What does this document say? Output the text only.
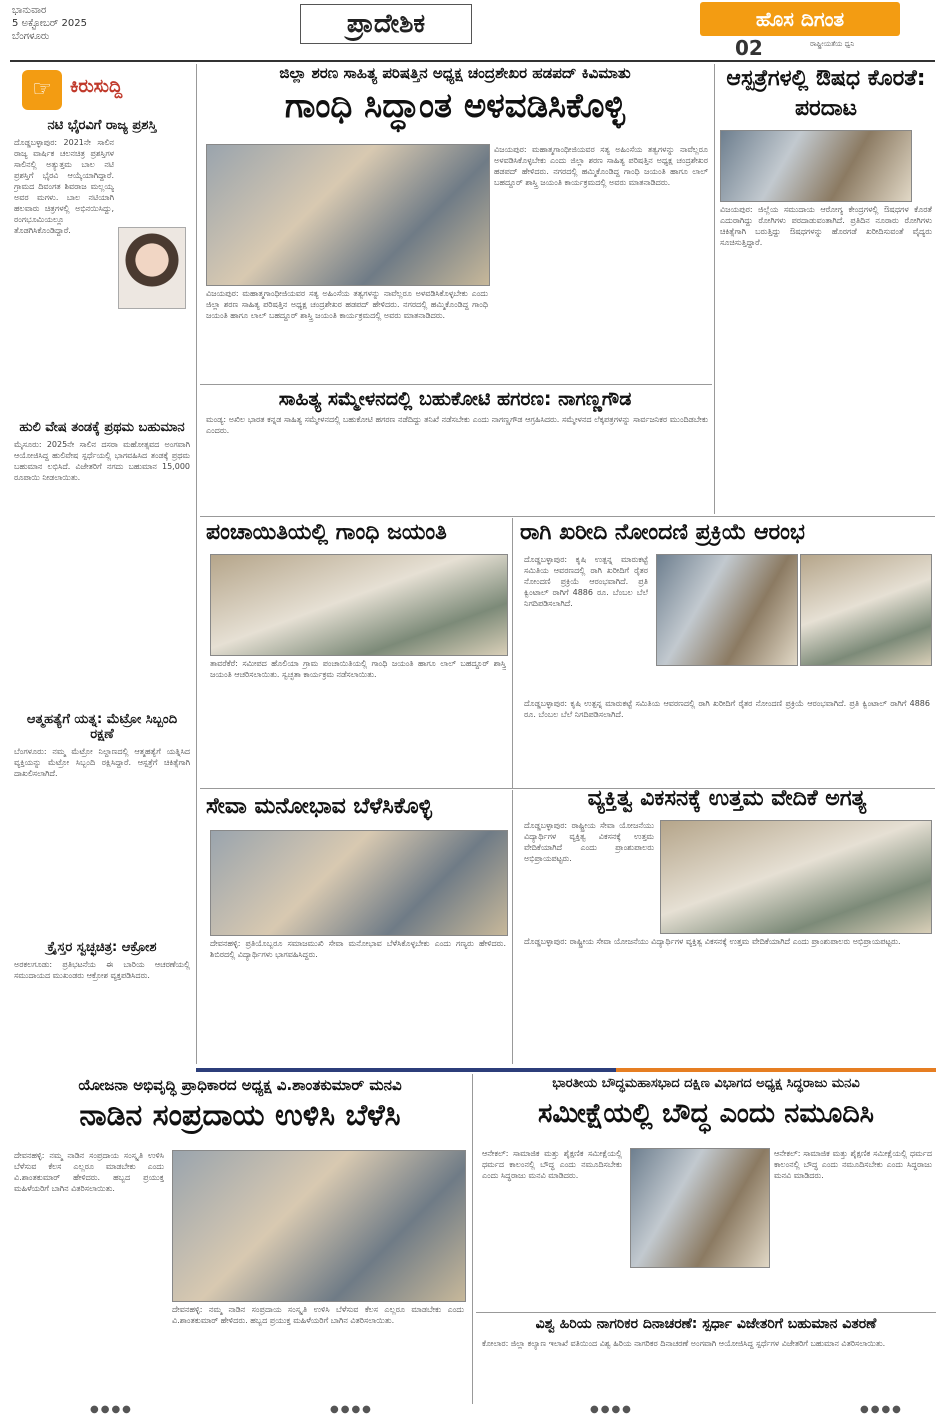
ಭಾನುವಾರ
5 ಅಕ್ಟೋಬರ್ 2025
ಬೆಂಗಳೂರು	ಪ್ರಾದೇಶಿಕ	ಹೊಸ ದಿಗಂತ
02	ರಾಷ್ಟ್ರೀಯತೆಯ ಧ್ವನಿ
☞	ಕಿರುಸುದ್ದಿ
ನಟಿ ಭೈರವಿಗೆ ರಾಜ್ಯ ಪ್ರಶಸ್ತಿ
ದೊಡ್ಡಬಳ್ಳಾಪುರ: 2021ನೇ ಸಾಲಿನ ರಾಜ್ಯ ವಾರ್ಷಿಕ ಚಲನಚಿತ್ರ ಪ್ರಶಸ್ತಿಗಳ ಸಾಲಿನಲ್ಲಿ ಅತ್ಯುತ್ತಮ ಬಾಲ ನಟಿ ಪ್ರಶಸ್ತಿಗೆ ಭೈರವಿ ಆಯ್ಕೆಯಾಗಿದ್ದಾರೆ. ಗ್ರಾಮದ ದಿವಂಗತ ಶಿವರಾಜ ಮಲ್ಲಯ್ಯ ಅವರ ಮಗಳು. ಬಾಲ ನಟಿಯಾಗಿ ಹಲವಾರು ಚಿತ್ರಗಳಲ್ಲಿ ಅಭಿನಯಿಸಿದ್ದು, ರಂಗಭೂಮಿಯಲ್ಲೂ ತೊಡಗಿಸಿಕೊಂಡಿದ್ದಾರೆ.
ಹುಲಿ ವೇಷ ತಂಡಕ್ಕೆ ಪ್ರಥಮ ಬಹುಮಾನ
ಮೈಸೂರು: 2025ನೇ ಸಾಲಿನ ದಸರಾ ಮಹೋತ್ಸವದ ಅಂಗವಾಗಿ ಆಯೋಜಿಸಿದ್ದ ಹುಲಿವೇಷ ಸ್ಪರ್ಧೆಯಲ್ಲಿ ಭಾಗವಹಿಸಿದ ತಂಡಕ್ಕೆ ಪ್ರಥಮ ಬಹುಮಾನ ಲಭಿಸಿದೆ. ವಿಜೇತರಿಗೆ ನಗದು ಬಹುಮಾನ 15,000 ರೂಪಾಯಿ ನೀಡಲಾಯಿತು.
ಆತ್ಮಹತ್ಯೆಗೆ ಯತ್ನ: ಮೆಟ್ರೋ ಸಿಬ್ಬಂದಿ ರಕ್ಷಣೆ
ಬೆಂಗಳೂರು: ನಮ್ಮ ಮೆಟ್ರೋ ನಿಲ್ದಾಣದಲ್ಲಿ ಆತ್ಮಹತ್ಯೆಗೆ ಯತ್ನಿಸಿದ ವ್ಯಕ್ತಿಯನ್ನು ಮೆಟ್ರೋ ಸಿಬ್ಬಂದಿ ರಕ್ಷಿಸಿದ್ದಾರೆ. ಆಸ್ಪತ್ರೆಗೆ ಚಿಕಿತ್ಸೆಗಾಗಿ ದಾಖಲಿಸಲಾಗಿದೆ.
ಕ್ರೈಸ್ತರ ಸ್ವಚ್ಛಚಿತ್ರ: ಆಕ್ರೋಶ
ಅರಕಲಗೂಡು: ಪ್ರತಿಭಟನೆಯ ಈ ಬಾರಿಯ ಆಚರಣೆಯಲ್ಲಿ ಸಮುದಾಯದ ಮುಖಂಡರು ಆಕ್ರೋಶ ವ್ಯಕ್ತಪಡಿಸಿದರು.
ಜಿಲ್ಲಾ ಶರಣ ಸಾಹಿತ್ಯ ಪರಿಷತ್ತಿನ ಅಧ್ಯಕ್ಷ ಚಂದ್ರಶೇಖರ ಹಡಪದ್ ಕಿವಿಮಾತು
ಗಾಂಧಿ ಸಿದ್ಧಾಂತ ಅಳವಡಿಸಿಕೊಳ್ಳಿ
ವಿಜಯಪುರ: ಮಹಾತ್ಮಗಾಂಧೀಜಿಯವರ ಸತ್ಯ ಅಹಿಂಸೆಯ ತತ್ವಗಳನ್ನು ನಾವೆಲ್ಲರೂ ಅಳವಡಿಸಿಕೊಳ್ಳಬೇಕು ಎಂದು ಜಿಲ್ಲಾ ಶರಣ ಸಾಹಿತ್ಯ ಪರಿಷತ್ತಿನ ಅಧ್ಯಕ್ಷ ಚಂದ್ರಶೇಖರ ಹಡಪದ್ ಹೇಳಿದರು. ನಗರದಲ್ಲಿ ಹಮ್ಮಿಕೊಂಡಿದ್ದ ಗಾಂಧಿ ಜಯಂತಿ ಹಾಗೂ ಲಾಲ್ ಬಹದ್ದೂರ್ ಶಾಸ್ತ್ರಿ ಜಯಂತಿ ಕಾರ್ಯಕ್ರಮದಲ್ಲಿ ಅವರು ಮಾತನಾಡಿದರು.
ವಿಜಯಪುರ: ಮಹಾತ್ಮಗಾಂಧೀಜಿಯವರ ಸತ್ಯ ಅಹಿಂಸೆಯ ತತ್ವಗಳನ್ನು ನಾವೆಲ್ಲರೂ ಅಳವಡಿಸಿಕೊಳ್ಳಬೇಕು ಎಂದು ಜಿಲ್ಲಾ ಶರಣ ಸಾಹಿತ್ಯ ಪರಿಷತ್ತಿನ ಅಧ್ಯಕ್ಷ ಚಂದ್ರಶೇಖರ ಹಡಪದ್ ಹೇಳಿದರು. ನಗರದಲ್ಲಿ ಹಮ್ಮಿಕೊಂಡಿದ್ದ ಗಾಂಧಿ ಜಯಂತಿ ಹಾಗೂ ಲಾಲ್ ಬಹದ್ದೂರ್ ಶಾಸ್ತ್ರಿ ಜಯಂತಿ ಕಾರ್ಯಕ್ರಮದಲ್ಲಿ ಅವರು ಮಾತನಾಡಿದರು.
ಆಸ್ಪತ್ರೆಗಳಲ್ಲಿ ಔಷಧ ಕೊರತೆ: ಪರದಾಟ
ವಿಜಯಪುರ: ಜಿಲ್ಲೆಯ ಸಮುದಾಯ ಆರೋಗ್ಯ ಕೇಂದ್ರಗಳಲ್ಲಿ ಔಷಧಗಳ ಕೊರತೆ ಎದುರಾಗಿದ್ದು ರೋಗಿಗಳು ಪರದಾಡುವಂತಾಗಿದೆ. ಪ್ರತಿದಿನ ನೂರಾರು ರೋಗಿಗಳು ಚಿಕಿತ್ಸೆಗಾಗಿ ಬರುತ್ತಿದ್ದು ಔಷಧಗಳನ್ನು ಹೊರಗಡೆ ಖರೀದಿಸುವಂತೆ ವೈದ್ಯರು ಸೂಚಿಸುತ್ತಿದ್ದಾರೆ.
ಸಾಹಿತ್ಯ ಸಮ್ಮೇಳನದಲ್ಲಿ ಬಹುಕೋಟಿ ಹಗರಣ: ನಾಗಣ್ಣಗೌಡ
ಮಂಡ್ಯ: ಅಖಿಲ ಭಾರತ ಕನ್ನಡ ಸಾಹಿತ್ಯ ಸಮ್ಮೇಳನದಲ್ಲಿ ಬಹುಕೋಟಿ ಹಗರಣ ನಡೆದಿದ್ದು ತನಿಖೆ ನಡೆಸಬೇಕು ಎಂದು ನಾಗಣ್ಣಗೌಡ ಆಗ್ರಹಿಸಿದರು. ಸಮ್ಮೇಳನದ ಲೆಕ್ಕಪತ್ರಗಳನ್ನು ಸಾರ್ವಜನಿಕರ ಮುಂದಿಡಬೇಕು ಎಂದರು.
ಪಂಚಾಯಿತಿಯಲ್ಲಿ ಗಾಂಧಿ ಜಯಂತಿ
ತಾವರೆಕೆರೆ: ಸಮೀಪದ ಹೊಲಿಯಾ ಗ್ರಾಮ ಪಂಚಾಯಿತಿಯಲ್ಲಿ ಗಾಂಧಿ ಜಯಂತಿ ಹಾಗೂ ಲಾಲ್ ಬಹದ್ದೂರ್ ಶಾಸ್ತ್ರಿ ಜಯಂತಿ ಆಚರಿಸಲಾಯಿತು. ಸ್ವಚ್ಛತಾ ಕಾರ್ಯಕ್ರಮ ನಡೆಸಲಾಯಿತು.
ರಾಗಿ ಖರೀದಿ ನೋಂದಣಿ ಪ್ರಕ್ರಿಯೆ ಆರಂಭ
ದೊಡ್ಡಬಳ್ಳಾಪುರ: ಕೃಷಿ ಉತ್ಪನ್ನ ಮಾರುಕಟ್ಟೆ ಸಮಿತಿಯ ಆವರಣದಲ್ಲಿ ರಾಗಿ ಖರೀದಿಗೆ ರೈತರ ನೋಂದಣಿ ಪ್ರಕ್ರಿಯೆ ಆರಂಭವಾಗಿದೆ. ಪ್ರತಿ ಕ್ವಿಂಟಾಲ್ ರಾಗಿಗೆ 4886 ರೂ. ಬೆಂಬಲ ಬೆಲೆ ನಿಗದಿಪಡಿಸಲಾಗಿದೆ.
ದೊಡ್ಡಬಳ್ಳಾಪುರ: ಕೃಷಿ ಉತ್ಪನ್ನ ಮಾರುಕಟ್ಟೆ ಸಮಿತಿಯ ಆವರಣದಲ್ಲಿ ರಾಗಿ ಖರೀದಿಗೆ ರೈತರ ನೋಂದಣಿ ಪ್ರಕ್ರಿಯೆ ಆರಂಭವಾಗಿದೆ. ಪ್ರತಿ ಕ್ವಿಂಟಾಲ್ ರಾಗಿಗೆ 4886 ರೂ. ಬೆಂಬಲ ಬೆಲೆ ನಿಗದಿಪಡಿಸಲಾಗಿದೆ.
ಸೇವಾ ಮನೋಭಾವ ಬೆಳೆಸಿಕೊಳ್ಳಿ
ದೇವನಹಳ್ಳಿ: ಪ್ರತಿಯೊಬ್ಬರೂ ಸಮಾಜಮುಖಿ ಸೇವಾ ಮನೋಭಾವ ಬೆಳೆಸಿಕೊಳ್ಳಬೇಕು ಎಂದು ಗಣ್ಯರು ಹೇಳಿದರು. ಶಿಬಿರದಲ್ಲಿ ವಿದ್ಯಾರ್ಥಿಗಳು ಭಾಗವಹಿಸಿದ್ದರು.
ವ್ಯಕ್ತಿತ್ವ ವಿಕಸನಕ್ಕೆ ಉತ್ತಮ ವೇದಿಕೆ ಅಗತ್ಯ
ದೊಡ್ಡಬಳ್ಳಾಪುರ: ರಾಷ್ಟ್ರೀಯ ಸೇವಾ ಯೋಜನೆಯು ವಿದ್ಯಾರ್ಥಿಗಳ ವ್ಯಕ್ತಿತ್ವ ವಿಕಸನಕ್ಕೆ ಉತ್ತಮ ವೇದಿಕೆಯಾಗಿದೆ ಎಂದು ಪ್ರಾಂಶುಪಾಲರು ಅಭಿಪ್ರಾಯಪಟ್ಟರು.
ದೊಡ್ಡಬಳ್ಳಾಪುರ: ರಾಷ್ಟ್ರೀಯ ಸೇವಾ ಯೋಜನೆಯು ವಿದ್ಯಾರ್ಥಿಗಳ ವ್ಯಕ್ತಿತ್ವ ವಿಕಸನಕ್ಕೆ ಉತ್ತಮ ವೇದಿಕೆಯಾಗಿದೆ ಎಂದು ಪ್ರಾಂಶುಪಾಲರು ಅಭಿಪ್ರಾಯಪಟ್ಟರು.
ಯೋಜನಾ ಅಭಿವೃದ್ಧಿ ಪ್ರಾಧಿಕಾರದ ಅಧ್ಯಕ್ಷ ವಿ.ಶಾಂತಕುಮಾರ್ ಮನವಿ
ನಾಡಿನ ಸಂಪ್ರದಾಯ ಉಳಿಸಿ ಬೆಳೆಸಿ
ದೇವನಹಳ್ಳಿ: ನಮ್ಮ ನಾಡಿನ ಸಂಪ್ರದಾಯ ಸಂಸ್ಕೃತಿ ಉಳಿಸಿ ಬೆಳೆಸುವ ಕೆಲಸ ಎಲ್ಲರೂ ಮಾಡಬೇಕು ಎಂದು ವಿ.ಶಾಂತಕುಮಾರ್ ಹೇಳಿದರು. ಹಬ್ಬದ ಪ್ರಯುಕ್ತ ಮಹಿಳೆಯರಿಗೆ ಬಾಗಿನ ವಿತರಿಸಲಾಯಿತು.
ದೇವನಹಳ್ಳಿ: ನಮ್ಮ ನಾಡಿನ ಸಂಪ್ರದಾಯ ಸಂಸ್ಕೃತಿ ಉಳಿಸಿ ಬೆಳೆಸುವ ಕೆಲಸ ಎಲ್ಲರೂ ಮಾಡಬೇಕು ಎಂದು ವಿ.ಶಾಂತಕುಮಾರ್ ಹೇಳಿದರು. ಹಬ್ಬದ ಪ್ರಯುಕ್ತ ಮಹಿಳೆಯರಿಗೆ ಬಾಗಿನ ವಿತರಿಸಲಾಯಿತು.
ಭಾರತೀಯ ಬೌದ್ಧಮಹಾಸಭಾದ ದಕ್ಷಿಣ ವಿಭಾಗದ ಅಧ್ಯಕ್ಷ ಸಿದ್ಧರಾಜು ಮನವಿ
ಸಮೀಕ್ಷೆಯಲ್ಲಿ ಬೌದ್ಧ ಎಂದು ನಮೂದಿಸಿ
ಆನೇಕಲ್: ಸಾಮಾಜಿಕ ಮತ್ತು ಶೈಕ್ಷಣಿಕ ಸಮೀಕ್ಷೆಯಲ್ಲಿ ಧರ್ಮದ ಕಾಲಂನಲ್ಲಿ ಬೌದ್ಧ ಎಂದು ನಮೂದಿಸಬೇಕು ಎಂದು ಸಿದ್ಧರಾಜು ಮನವಿ ಮಾಡಿದರು.
ಆನೇಕಲ್: ಸಾಮಾಜಿಕ ಮತ್ತು ಶೈಕ್ಷಣಿಕ ಸಮೀಕ್ಷೆಯಲ್ಲಿ ಧರ್ಮದ ಕಾಲಂನಲ್ಲಿ ಬೌದ್ಧ ಎಂದು ನಮೂದಿಸಬೇಕು ಎಂದು ಸಿದ್ಧರಾಜು ಮನವಿ ಮಾಡಿದರು.
ವಿಶ್ವ ಹಿರಿಯ ನಾಗರಿಕರ ದಿನಾಚರಣೆ: ಸ್ಪರ್ಧಾ ವಿಜೇತರಿಗೆ ಬಹುಮಾನ ವಿತರಣೆ
ಕೋಲಾರ: ಜಿಲ್ಲಾ ಕಲ್ಯಾಣ ಇಲಾಖೆ ವತಿಯಿಂದ ವಿಶ್ವ ಹಿರಿಯ ನಾಗರಿಕರ ದಿನಾಚರಣೆ ಅಂಗವಾಗಿ ಆಯೋಜಿಸಿದ್ದ ಸ್ಪರ್ಧೆಗಳ ವಿಜೇತರಿಗೆ ಬಹುಮಾನ ವಿತರಿಸಲಾಯಿತು.
●●●●	●●●●	●●●●	●●●●
